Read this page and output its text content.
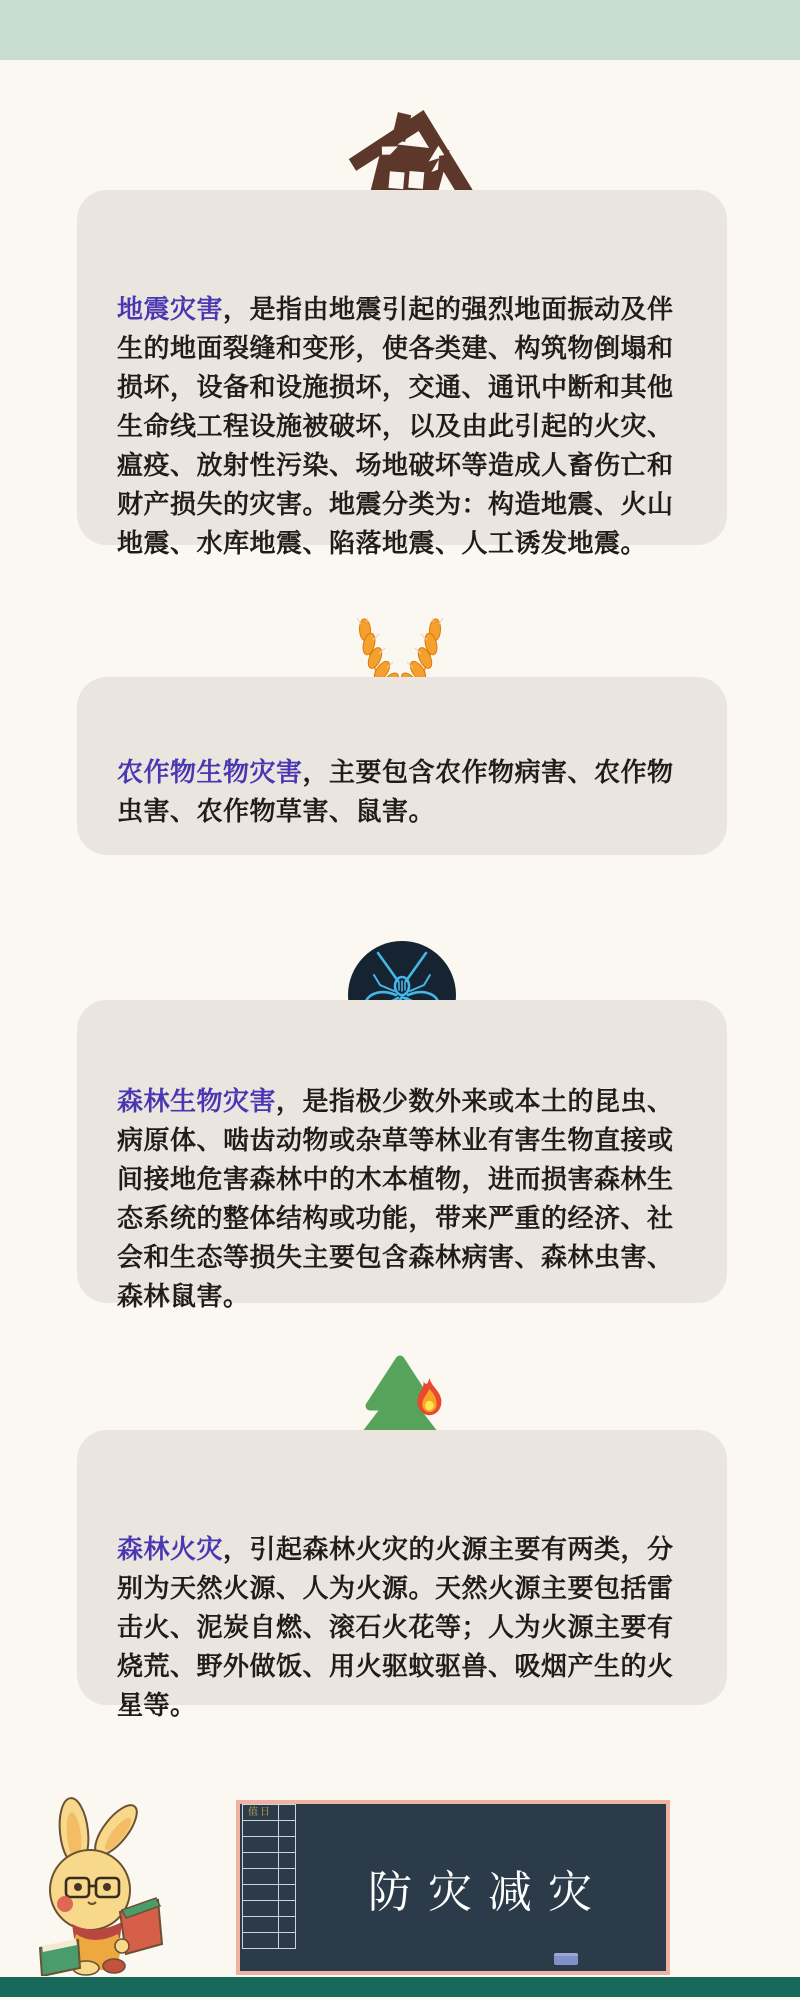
地震灾害，是指由地震引起的强烈地面振动及伴生的地面裂缝和变形，使各类建、构筑物倒塌和损坏，设备和设施损坏，交通、通讯中断和其他生命线工程设施被破坏，以及由此引起的火灾、瘟疫、放射性污染、场地破坏等造成人畜伤亡和财产损失的灾害。地震分类为：构造地震、火山地震、水库地震、陷落地震、人工诱发地震。

农作物生物灾害，主要包含农作物病害、农作物虫害、农作物草害、鼠害。

森林生物灾害，是指极少数外来或本土的昆虫、病原体、啮齿动物或杂草等林业有害生物直接或间接地危害森林中的木本植物，进而损害森林生态系统的整体结构或功能，带来严重的经济、社会和生态等损失主要包含森林病害、森林虫害、森林鼠害。

森林火灾，引起森林火灾的火源主要有两类，分别为天然火源、人为火源。天然火源主要包括雷击火、泥炭自燃、滚石火花等；人为火源主要有烧荒、野外做饭、用火驱蚊驱兽、吸烟产生的火星等。

值日
防灾减灾
